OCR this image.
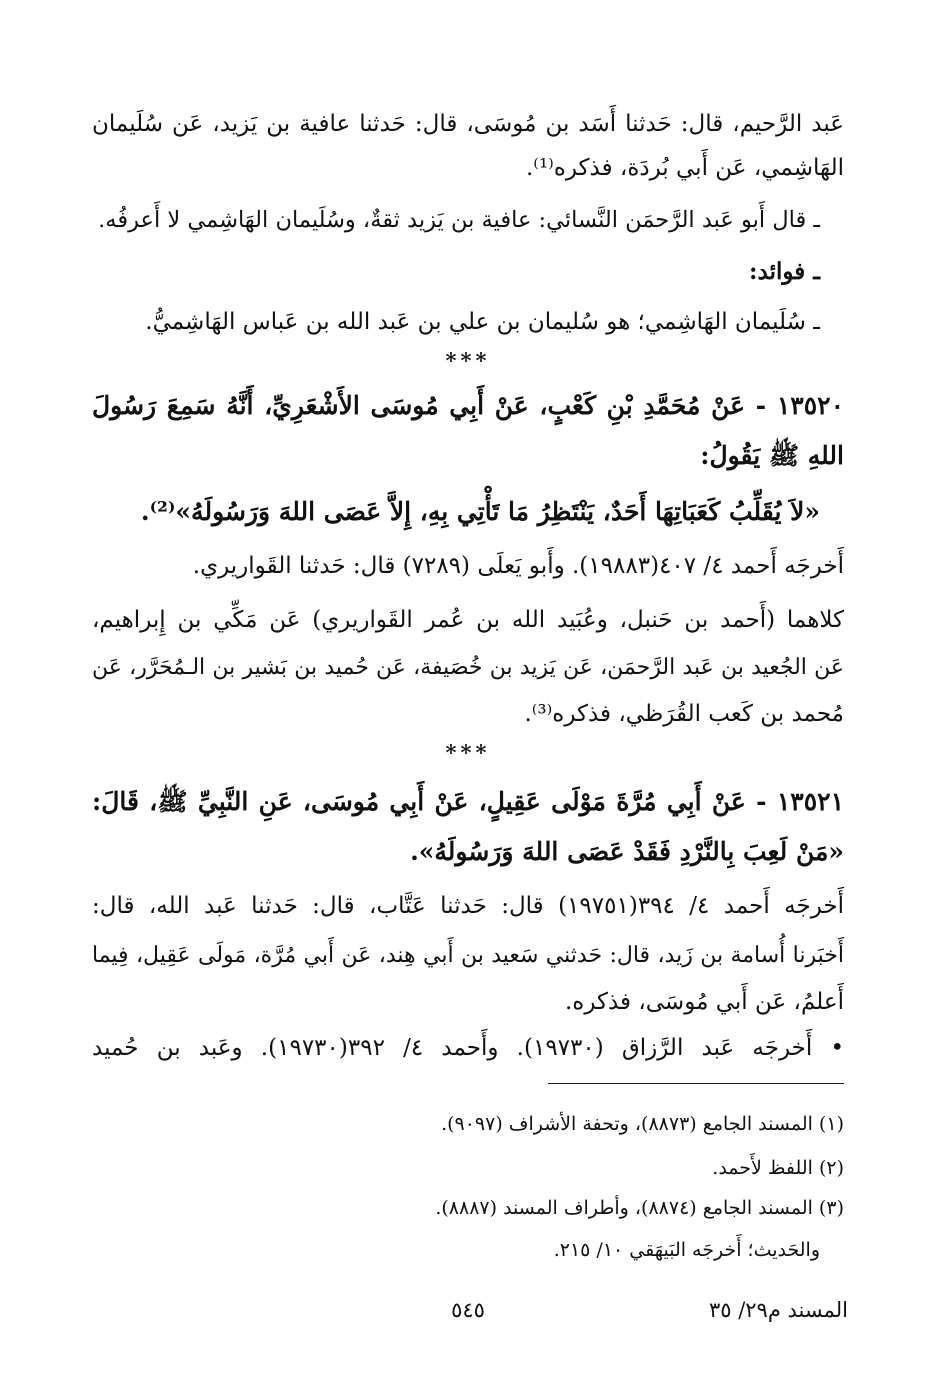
عَبد الرَّحيم، قال: حَدثنا أَسَد بن مُوسَى، قال: حَدثنا عافية بن يَزيد، عَن سُلَيمان
الهَاشِمي، عَن أَبي بُردَة، فذكره⁽¹⁾.
ـ قال أَبو عَبد الرَّحمَن النَّسائي: عافية بن يَزيد ثقةٌ، وسُلَيمان الهَاشِمي لا أَعرفُه.
ـ فوائد:
ـ سُلَيمان الهَاشِمي؛ هو سُليمان بن علي بن عَبد الله بن عَباس الهَاشِميُّ.
***
١٣٥٢٠ - عَنْ مُحَمَّدِ بْنِ كَعْبٍ، عَنْ أَبِي مُوسَى الأَشْعَرِيِّ، أَنَّهُ سَمِعَ رَسُولَ
اللهِ ﷺ يَقُولُ:
«لاَ يُقَلِّبُ كَعَبَاتِهَا أَحَدٌ، يَنْتَظِرُ مَا تَأْتِي بِهِ، إِلاَّ عَصَى اللهَ وَرَسُولَهُ»⁽²⁾.
أَخرجَه أَحمد ٤/ ٤٠٧(١٩٨٨٣). وأَبو يَعلَى (٧٢٨٩) قال: حَدثنا القَواريري.
كلاهما (أَحمد بن حَنبل، وعُبَيد الله بن عُمر القَواريري) عَن مَكِّي بن إِبراهيم،
عَن الجُعيد بن عَبد الرَّحمَن، عَن يَزيد بن خُصَيفة، عَن حُميد بن بَشير بن الـمُحَرَّر، عَن
مُحمد بن كَعب القُرَظي، فذكره⁽³⁾.
***
١٣٥٢١ - عَنْ أَبِي مُرَّةَ مَوْلَى عَقِيلٍ، عَنْ أَبِي مُوسَى، عَنِ النَّبِيِّ ﷺ، قَالَ:
«مَنْ لَعِبَ بِالنَّرْدِ فَقَدْ عَصَى اللهَ وَرَسُولَهُ».
أَخرجَه أَحمد ٤/ ٣٩٤(١٩٧٥١) قال: حَدثنا عَتَّاب، قال: حَدثنا عَبد الله، قال:
أَخبَرنا أُسامة بن زَيد، قال: حَدثني سَعيد بن أَبي هِند، عَن أَبي مُرَّة، مَولَى عَقِيل، فِيما
أَعلمُ، عَن أَبي مُوسَى، فذكره.
• أَخرجَه عَبد الرَّزاق (١٩٧٣٠). وأَحمد ٤/ ٣٩٢(١٩٧٣٠). وعَبد بن حُميد
(١) المسند الجامع (٨٨٧٣)، وتحفة الأشراف (٩٠٩٧).
(٢) اللفظ لأَحمد.
(٣) المسند الجامع (٨٨٧٤)، وأطراف المسند (٨٨٨٧).
والحَديث؛ أَخرجَه البَيهَقي ١٠/ ٢١٥.
٥٤٥	المسند م٢٩/ ٣٥
